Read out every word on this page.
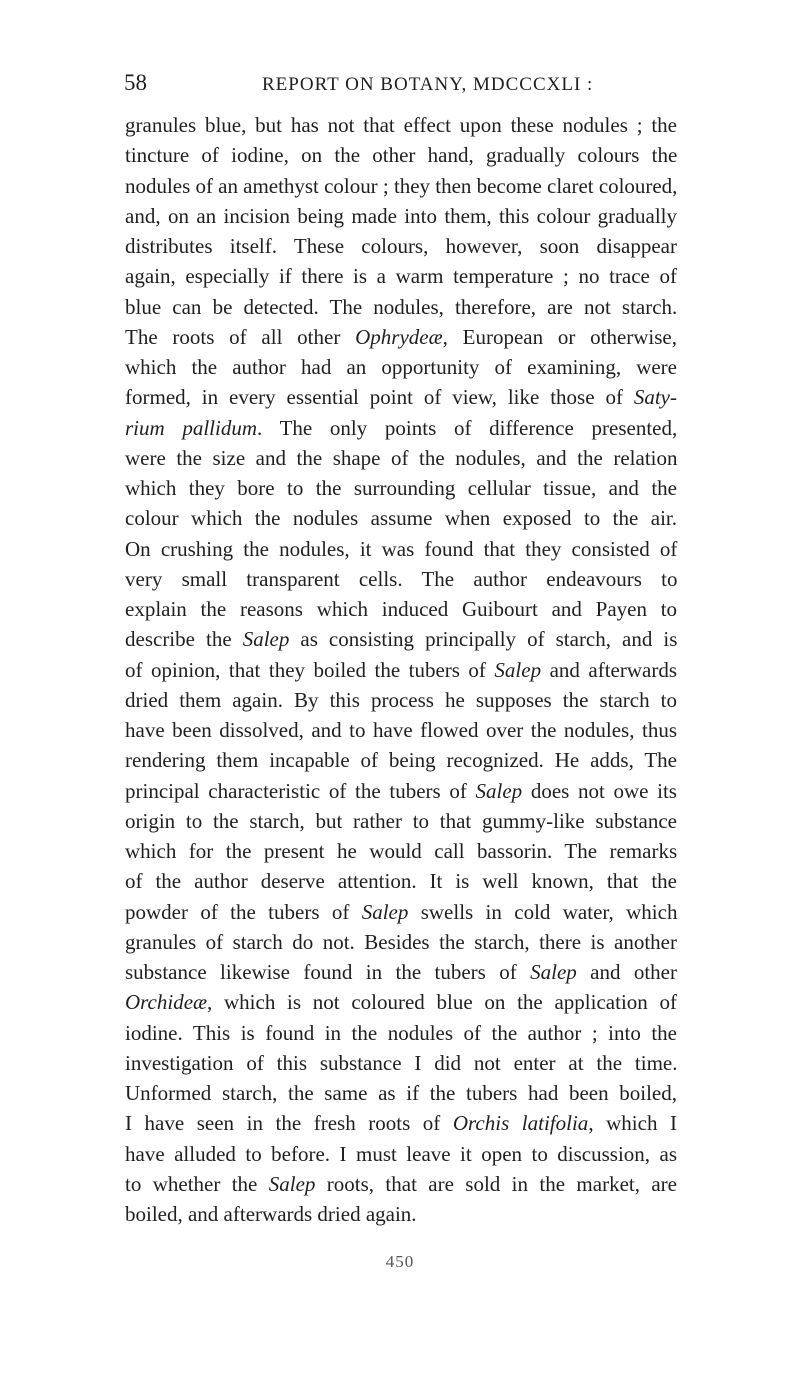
58	REPORT ON BOTANY, MDCCCXLI :
granules blue, but has not that effect upon these nodules ; the
tincture of iodine, on the other hand, gradually colours the
nodules of an amethyst colour ; they then become claret coloured,
and, on an incision being made into them, this colour gradually
distributes itself. These colours, however, soon disappear
again, especially if there is a warm temperature ; no trace of
blue can be detected. The nodules, therefore, are not starch.
The roots of all other Ophrydeæ, European or otherwise,
which the author had an opportunity of examining, were
formed, in every essential point of view, like those of Saty-
rium pallidum. The only points of difference presented,
were the size and the shape of the nodules, and the relation
which they bore to the surrounding cellular tissue, and the
colour which the nodules assume when exposed to the air.
On crushing the nodules, it was found that they consisted of
very small transparent cells. The author endeavours to
explain the reasons which induced Guibourt and Payen to
describe the Salep as consisting principally of starch, and is
of opinion, that they boiled the tubers of Salep and afterwards
dried them again. By this process he supposes the starch to
have been dissolved, and to have flowed over the nodules, thus
rendering them incapable of being recognized. He adds, The
principal characteristic of the tubers of Salep does not owe its
origin to the starch, but rather to that gummy-like substance
which for the present he would call bassorin. The remarks
of the author deserve attention. It is well known, that the
powder of the tubers of Salep swells in cold water, which
granules of starch do not. Besides the starch, there is another
substance likewise found in the tubers of Salep and other
Orchideæ, which is not coloured blue on the application of
iodine. This is found in the nodules of the author ; into the
investigation of this substance I did not enter at the time.
Unformed starch, the same as if the tubers had been boiled,
I have seen in the fresh roots of Orchis latifolia, which I
have alluded to before. I must leave it open to discussion, as
to whether the Salep roots, that are sold in the market, are
boiled, and afterwards dried again.
450
